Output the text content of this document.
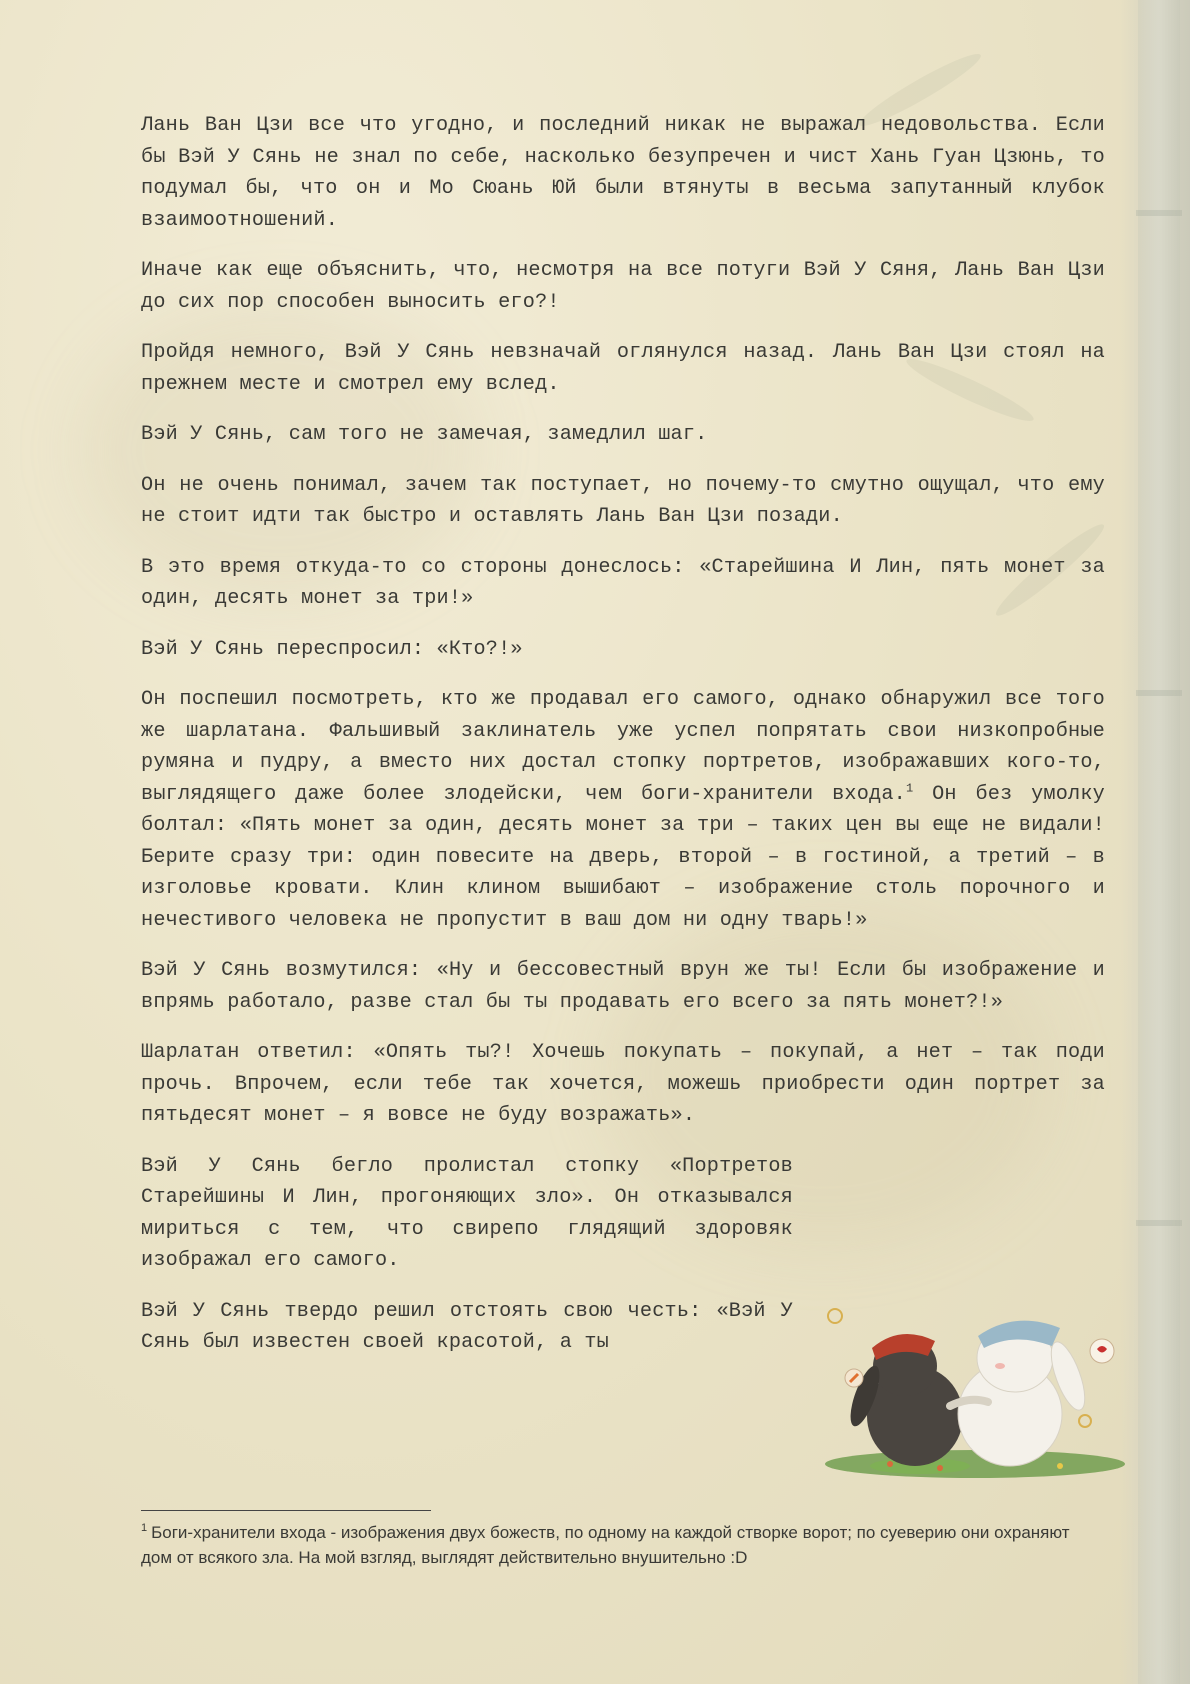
Лань Ван Цзи все что угодно, и последний никак не выражал недовольства. Если бы Вэй У Сянь не знал по себе, насколько безупречен и чист Хань Гуан Цзюнь, то подумал бы, что он и Мо Сюань Юй были втянуты в весьма запутанный клубок взаимоотношений.

Иначе как еще объяснить, что, несмотря на все потуги Вэй У Сяня, Лань Ван Цзи до сих пор способен выносить его?!

Пройдя немного, Вэй У Сянь невзначай оглянулся назад. Лань Ван Цзи стоял на прежнем месте и смотрел ему вслед.

Вэй У Сянь, сам того не замечая, замедлил шаг.

Он не очень понимал, зачем так поступает, но почему-то смутно ощущал, что ему не стоит идти так быстро и оставлять Лань Ван Цзи позади.

В это время откуда-то со стороны донеслось: «Старейшина И Лин, пять монет за один, десять монет за три!»

Вэй У Сянь переспросил: «Кто?!»

Он поспешил посмотреть, кто же продавал его самого, однако обнаружил все того же шарлатана. Фальшивый заклинатель уже успел попрятать свои низкопробные румяна и пудру, а вместо них достал стопку портретов, изображавших кого-то, выглядящего даже более злодейски, чем боги-хранители входа.$^1$ Он без умолку болтал: «Пять монет за один, десять монет за три – таких цен вы еще не видали! Берите сразу три: один повесите на дверь, второй – в гостиной, а третий – в изголовье кровати. Клин клином вышибают – изображение столь порочного и нечестивого человека не пропустит в ваш дом ни одну тварь!»

Вэй У Сянь возмутился: «Ну и бессовестный врун же ты! Если бы изображение и впрямь работало, разве стал бы ты продавать его всего за пять монет?!»

Шарлатан ответил: «Опять ты?! Хочешь покупать – покупай, а нет – так поди прочь. Впрочем, если тебе так хочется, можешь приобрести один портрет за пятьдесят монет – я вовсе не буду возражать».

Вэй У Сянь бегло пролистал стопку «Портретов Старейшины И Лин, прогоняющих зло». Он отказывался мириться с тем, что свирепо глядящий здоровяк изображал его самого.

Вэй У Сянь твердо решил отстоять свою честь: «Вэй У Сянь был известен своей красотой, а ты

$^1$ Боги-хранители входа - изображения двух божеств, по одному на каждой створке ворот; по суеверию они охраняют дом от всякого зла. На мой взгляд, выглядят действительно внушительно :D
